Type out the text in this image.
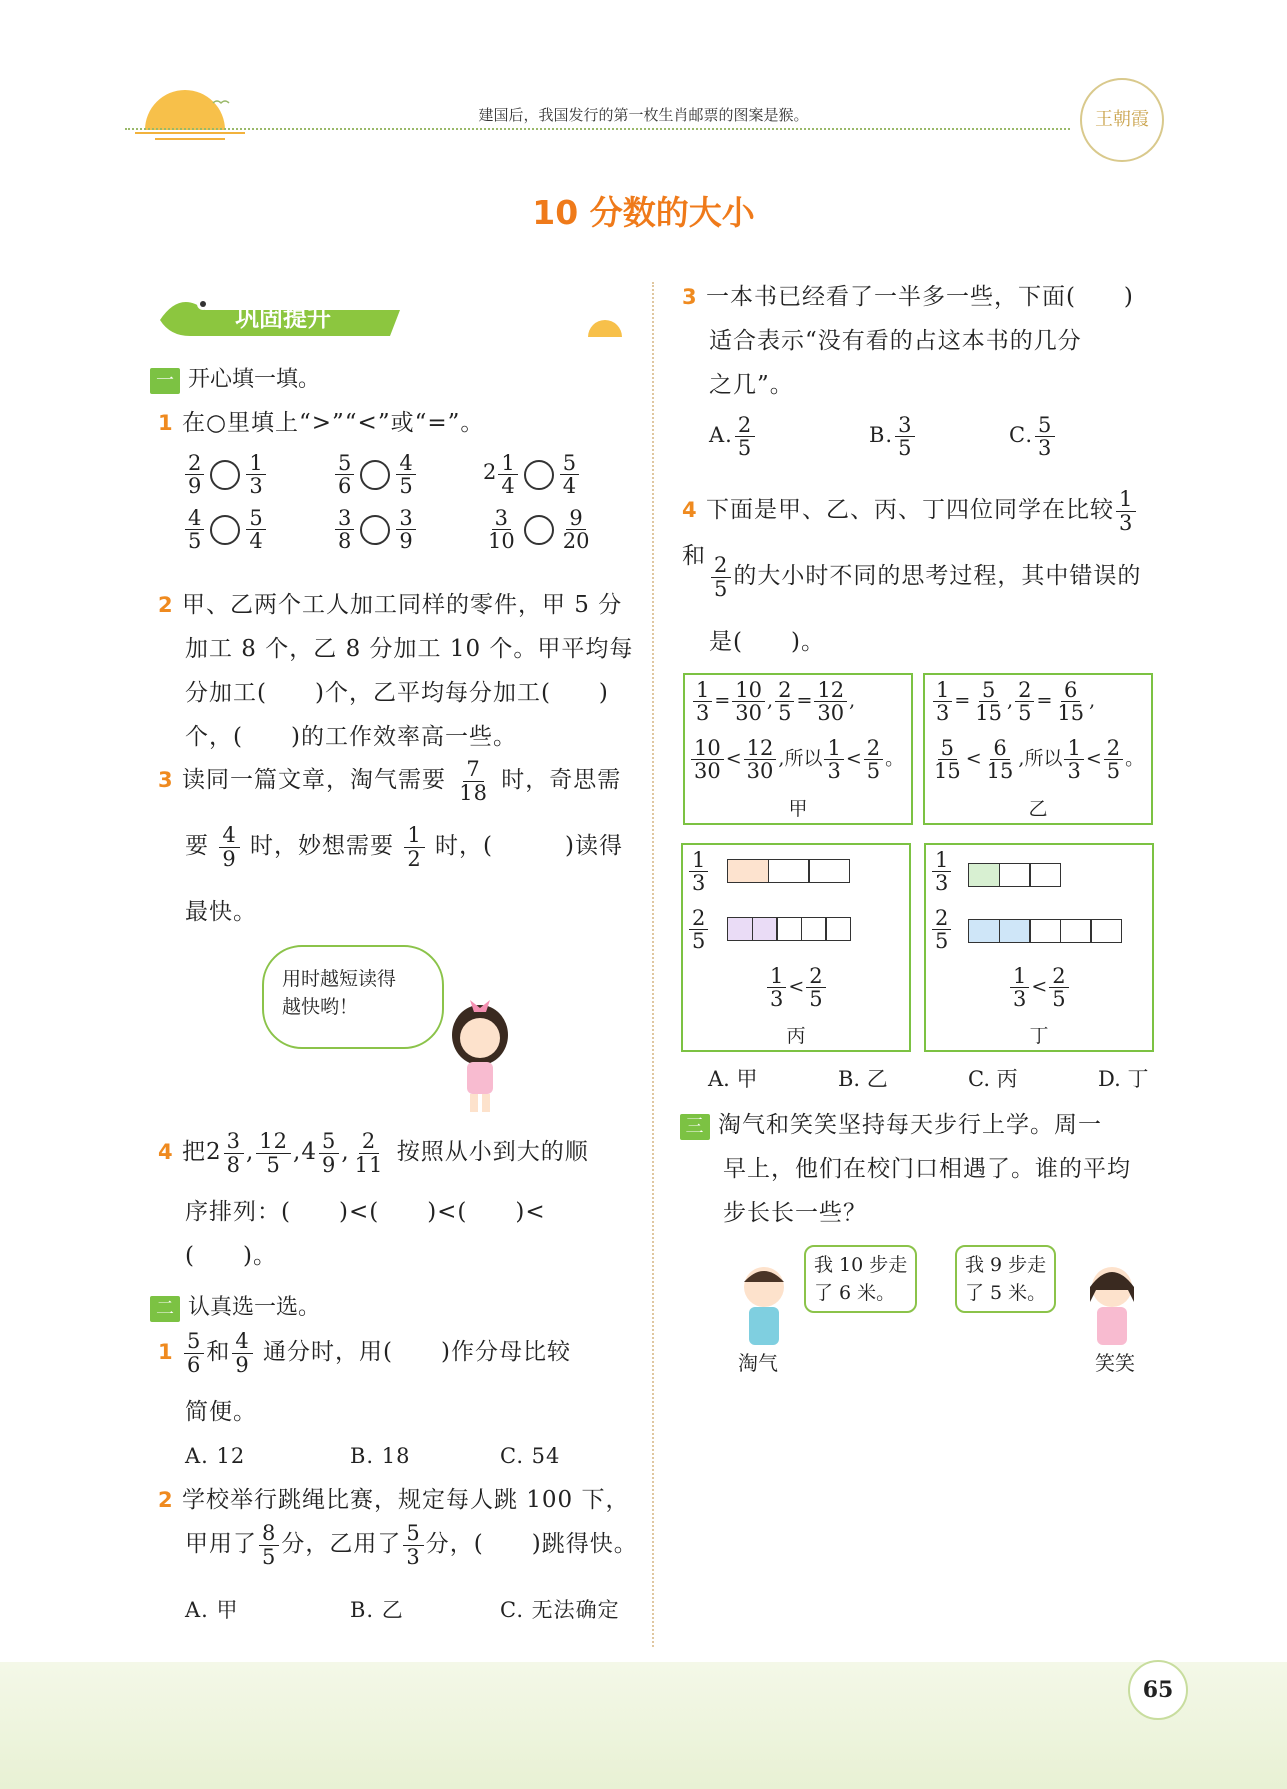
建国后，我国发行的第一枚生肖邮票的图案是猴。	王朝霞
10 分数的大小
巩固提升
一 开心填一填。
1 在○里填上“>”“<”或“=”。
$\frac{2}{9} \frac{1}{3}$	$\frac{5}{6} \frac{4}{5}$	$2 \frac{1}{4} \frac{5}{4}$
$\frac{4}{5} \frac{5}{4}$	$\frac{3}{8} \frac{3}{9}$	$\frac{3}{10} \frac{9}{20}$
2 甲、乙两个工人加工同样的零件，甲 5 分
加工 8 个，乙 8 分加工 10 个。甲平均每
分加工(　　)个，乙平均每分加工(　　)
个，(　　)的工作效率高一些。
3 读同一篇文章，淘气需要 $\frac{7}{18}$ 时，奇思需
要 $\frac{4}{9}$ 时，妙想需要 $\frac{1}{2}$ 时，(　　　)读得
最快。
用时越短读得
越快哟！
4 把$2 \frac{3}{8}$ , $\frac{12}{5} ,4 \frac{5}{9}$ , $\frac{2}{11}$ 按照从小到大的顺
序排列：(　　)<(　　)<(　　)<
(　　)。
二 认真选一选。
$1 \frac{5}{6}$ 和 $\frac{4}{9}$ 通分时，用(　　)作分母比较
简便。
A. 12	B. 18	C. 54
2 学校举行跳绳比赛，规定每人跳 100 下，
甲用了 $\frac{8}{5}$ 分，乙用了 $\frac{5}{3}$ 分，(　　)跳得快。
A. 甲	B. 乙	C. 无法确定
3 一本书已经看了一半多一些，下面(　　)
适合表示“没有看的占这本书的几分
之几”。
A. $\frac{2}{5}$	B. $\frac{3}{5}$	C. $\frac{5}{3}$
4 下面是甲、乙、丙、丁四位同学在比较 $\frac{1}{3}$
和 $\frac{2}{5}$ 的大小时不同的思考过程，其中错误的
是(　　)。
$\frac{1}{3} = \frac{10}{30}$ , $\frac{2}{5} = \frac{12}{30}$ ,
$\frac{10}{30} < \frac{12}{30}$ ,所以 $\frac{1}{3} < \frac{2}{5}$ 。
甲
$\frac{1}{3} = \frac{5}{15}$ , $\frac{2}{5} = \frac{6}{15}$ ,
$\frac{5}{15} < \frac{6}{15}$ ,所以 $\frac{1}{3} < \frac{2}{5}$ 。
乙
$\frac{1}{3}$
$\frac{2}{5}$
$\frac{1}{3} < \frac{2}{5}$
丙
$\frac{1}{3}$
$\frac{2}{5}$
$\frac{1}{3} < \frac{2}{5}$
丁
A. 甲	B. 乙	C. 丙	D. 丁
三 淘气和笑笑坚持每天步行上学。周一
早上，他们在校门口相遇了。谁的平均
步长长一些？
我 10 步走
了 6 米。
我 9 步走
了 5 米。
淘气	笑笑
65
